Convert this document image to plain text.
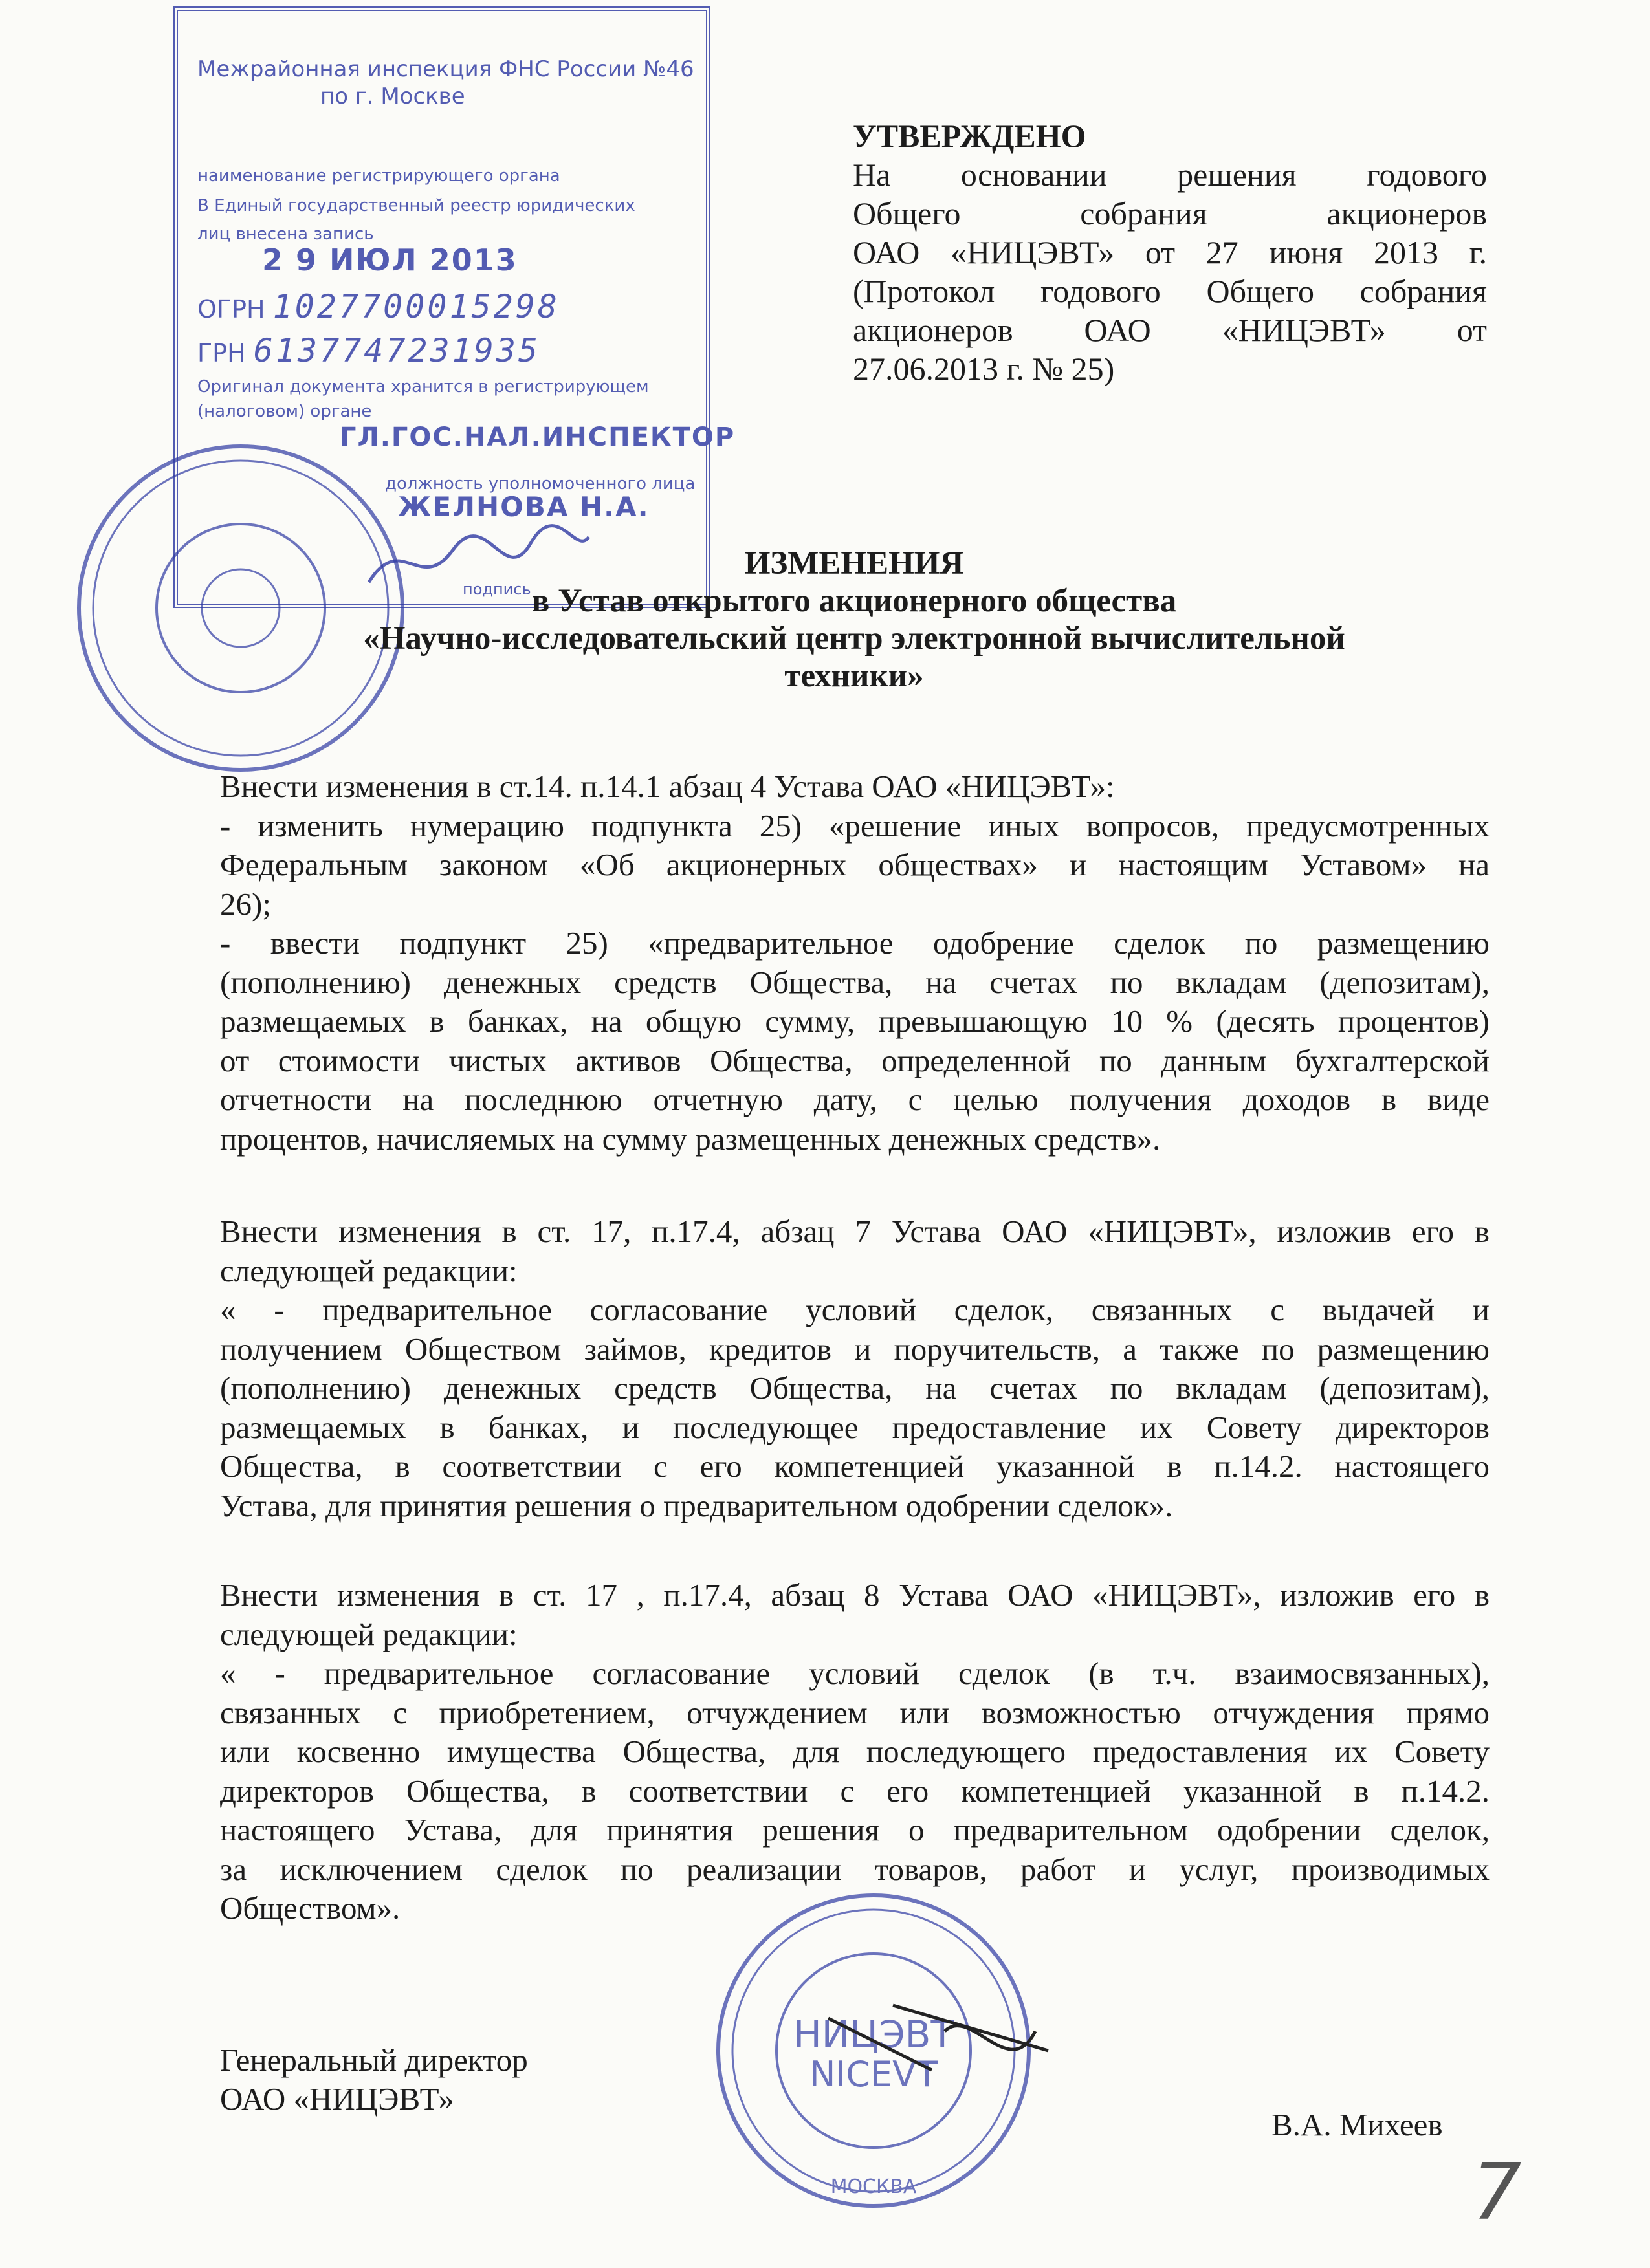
Межрайонная инспекция ФНС России №46
по г. Москве
наименование регистрирующего органа
В Единый государственный реестр юридических
лиц внесена запись
2 9 ИЮЛ 2013
ОГРН 1027700015298
ГРН 6137747231935
Оригинал документа хранится в регистрирующем
(налоговом) органе
ГЛ.ГОС.НАЛ.ИНСПЕКТОР
должность уполномоченного лица
ЖЕЛНОВА Н.А.
подпись
УТВЕРЖДЕНО
На основании решения годового
Общего собрания акционеров
ОАО «НИЦЭВТ» от 27 июня 2013 г.
(Протокол годового Общего собрания
акционеров ОАО «НИЦЭВТ» от
27.06.2013 г. № 25)
ИЗМЕНЕНИЯ
в Устав открытого акционерного общества
«Научно-исследовательский центр электронной вычислительной
техники»
Внести изменения в ст.14. п.14.1 абзац 4 Устава ОАО «НИЦЭВТ»:
- изменить нумерацию подпункта 25) «решение иных вопросов, предусмотренных
Федеральным законом «Об акционерных обществах» и настоящим Уставом» на
26);
- ввести подпункт 25) «предварительное одобрение сделок по размещению
(пополнению) денежных средств Общества, на счетах по вкладам (депозитам),
размещаемых в банках, на общую сумму, превышающую 10 % (десять процентов)
от стоимости чистых активов Общества, определенной по данным бухгалтерской
отчетности на последнюю отчетную дату, с целью получения доходов в виде
процентов, начисляемых на сумму размещенных денежных средств».
Внести изменения в ст. 17, п.17.4, абзац 7 Устава ОАО «НИЦЭВТ», изложив его в
следующей редакции:
« - предварительное согласование условий сделок, связанных с выдачей и
получением Обществом займов, кредитов и поручительств, а также по размещению
(пополнению) денежных средств Общества, на счетах по вкладам (депозитам),
размещаемых в банках, и последующее предоставление их Совету директоров
Общества, в соответствии с его компетенцией указанной в п.14.2. настоящего
Устава, для принятия решения о предварительном одобрении сделок».
Внести изменения в ст. 17 , п.17.4, абзац 8 Устава ОАО «НИЦЭВТ», изложив его в
следующей редакции:
« - предварительное согласование условий сделок (в т.ч. взаимосвязанных),
связанных с приобретением, отчуждением или возможностью отчуждения прямо
или косвенно имущества Общества, для последующего предоставления их Совету
директоров Общества, в соответствии с его компетенцией указанной в п.14.2.
настоящего Устава, для принятия решения о предварительном одобрении сделок,
за исключением сделок по реализации товаров, работ и услуг, производимых
Обществом».
НИЦЭВТ
NICEVT
МОСКВА
Генеральный директор
ОАО «НИЦЭВТ»
В.А. Михеев
7
